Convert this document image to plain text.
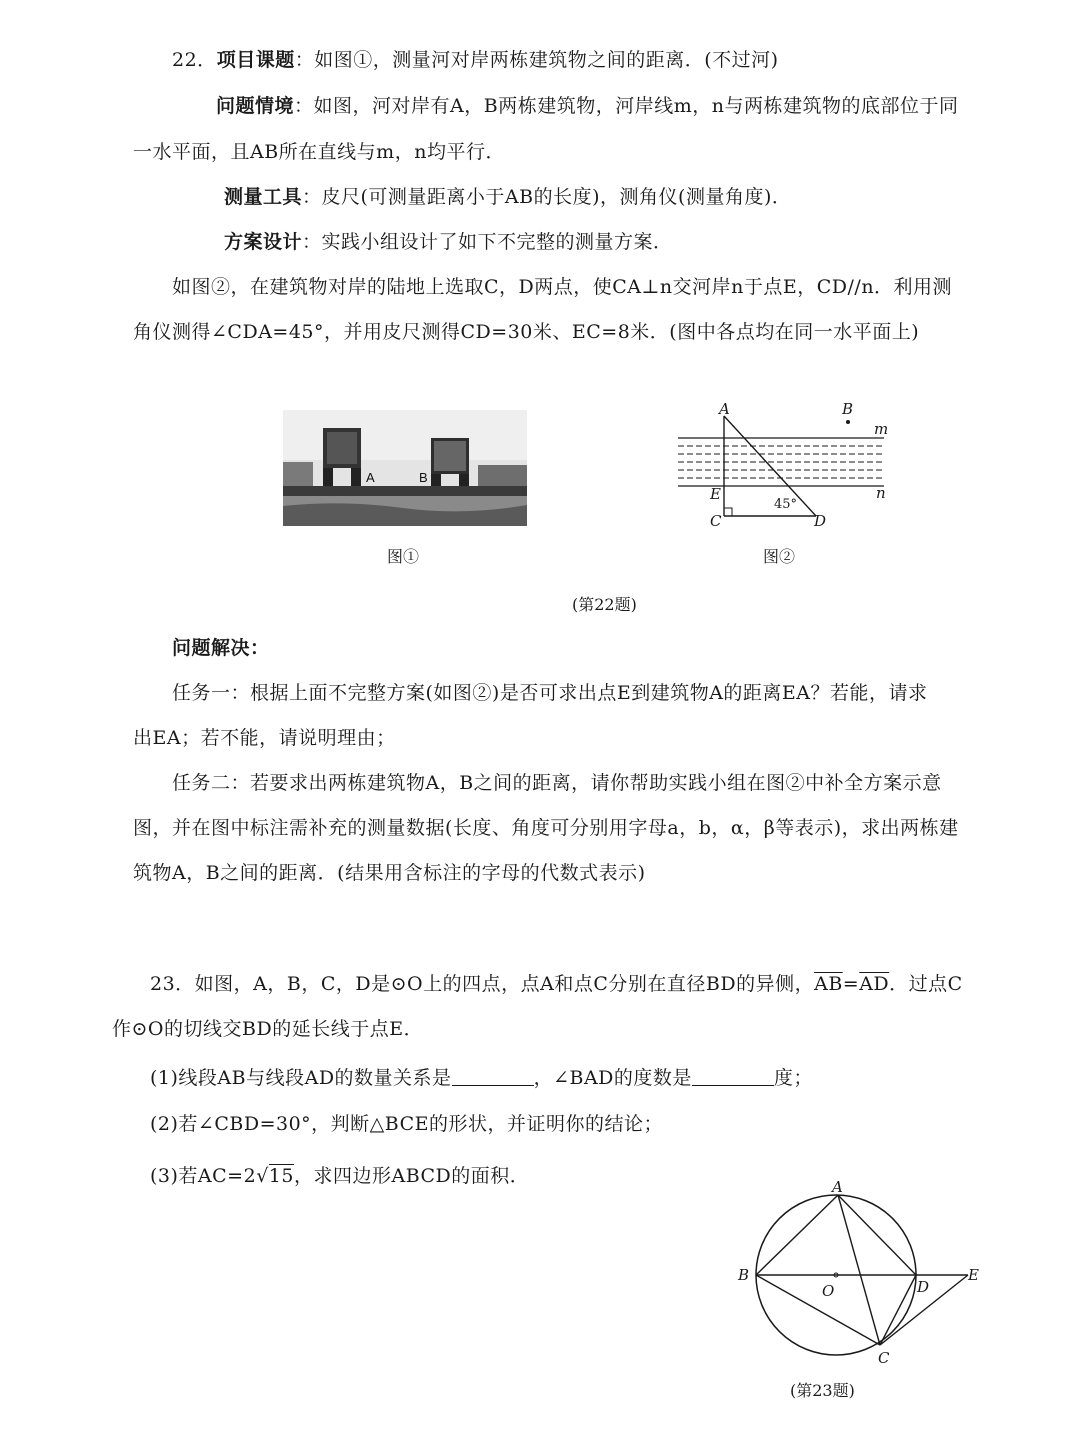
22．项目课题：如图①，测量河对岸两栋建筑物之间的距离．(不过河)
问题情境：如图，河对岸有A，B两栋建筑物，河岸线m，n与两栋建筑物的底部位于同
一水平面，且AB所在直线与m，n均平行．
测量工具：皮尺(可测量距离小于AB的长度)，测角仪(测量角度)．
方案设计：实践小组设计了如下不完整的测量方案．
如图②，在建筑物对岸的陆地上选取C，D两点，使CA⊥n交河岸n于点E，CD//n．利用测
角仪测得∠CDA=45°，并用皮尺测得CD=30米、EC=8米．(图中各点均在同一水平面上)
A	B
图①
A	B
m
n
E
C	D
45°
图②
(第22题)
问题解决：
任务一：根据上面不完整方案(如图②)是否可求出点E到建筑物A的距离EA？若能，请求
出EA；若不能，请说明理由；
任务二：若要求出两栋建筑物A，B之间的距离，请你帮助实践小组在图②中补全方案示意
图，并在图中标注需补充的测量数据(长度、角度可分别用字母a，b，α，β等表示)，求出两栋建
筑物A，B之间的距离．(结果用含标注的字母的代数式表示)
23．如图，A，B，C，D是⊙O上的四点，点A和点C分别在直径BD的异侧，$\overline{AB}=\overline{AD}$．过点C
作⊙O的切线交BD的延长线于点E．
(1)线段AB与线段AD的数量关系是	，∠BAD的度数是	度；
(2)若∠CBD=30°，判断△BCE的形状，并证明你的结论；
(3)若AC=2√15，求四边形ABCD的面积．	A
B
C
D
E
O
(第23题)
